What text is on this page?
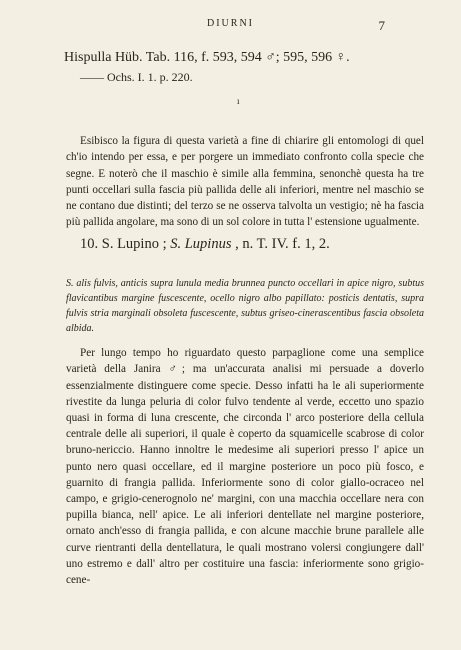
DIURNI	7
Hispulla Hüb. Tab. 116, f. 593, 594 ♂; 595, 596 ♀.
—— Ochs. I. 1. p. 220.
ı

Esibisco la figura di questa varietà a fine di chiarire gli entomologi di quel ch'io intendo per essa, e per porgere un immediato confronto colla specie che segne. E noterò che il maschio è simile alla femmina, senonchè questa ha tre punti occellari sulla fascia più pallida delle ali inferiori, mentre nel maschio se ne contano due distinti; del terzo se ne osserva talvolta un vestigio; nè ha fascia più pallida angolare, ma sono di un sol colore in tutta l' estensione ugualmente.

10. S. Lupino ; S. Lupinus , n. T. IV. f. 1, 2.

S. alis fulvis, anticis supra lunula media brunnea puncto occellari in apice nigro, subtus flavicantibus margine fuscescente, ocello nigro albo papillato: posticis dentatis, supra fulvis stria marginali obsoleta fuscescente, subtus griseo-cinerascentibus fascia obsoleta albida.

Per lungo tempo ho riguardato questo parpaglione come una semplice varietà della Janira ♂; ma un'accurata analisi mi persuade a doverlo essenzialmente distinguere come specie. Desso infatti ha le ali superiormente rivestite da lunga peluria di color fulvo tendente al verde, eccetto uno spazio quasi in forma di luna crescente, che circonda l' arco posteriore della cellula centrale delle ali superiori, il quale è coperto da squamicelle scabrose di color bruno-nericcio. Hanno innoltre le medesime ali superiori presso l' apice un punto nero quasi occellare, ed il margine posteriore un poco più fosco, e guarnito di frangia pallida. Inferiormente sono di color giallo-ocraceo nel campo, e grigio-cenerognolo ne' margini, con una macchia occellare nera con pupilla bianca, nell' apice. Le ali inferiori dentellate nel margine posteriore, ornato anch'esso di frangia pallida, e con alcune macchie brune parallele alle curve rientranti della dentellatura, le quali mostrano volersi congiungere dall' uno estremo e dall' altro per costituire una fascia: inferiormente sono grigio-cene-
